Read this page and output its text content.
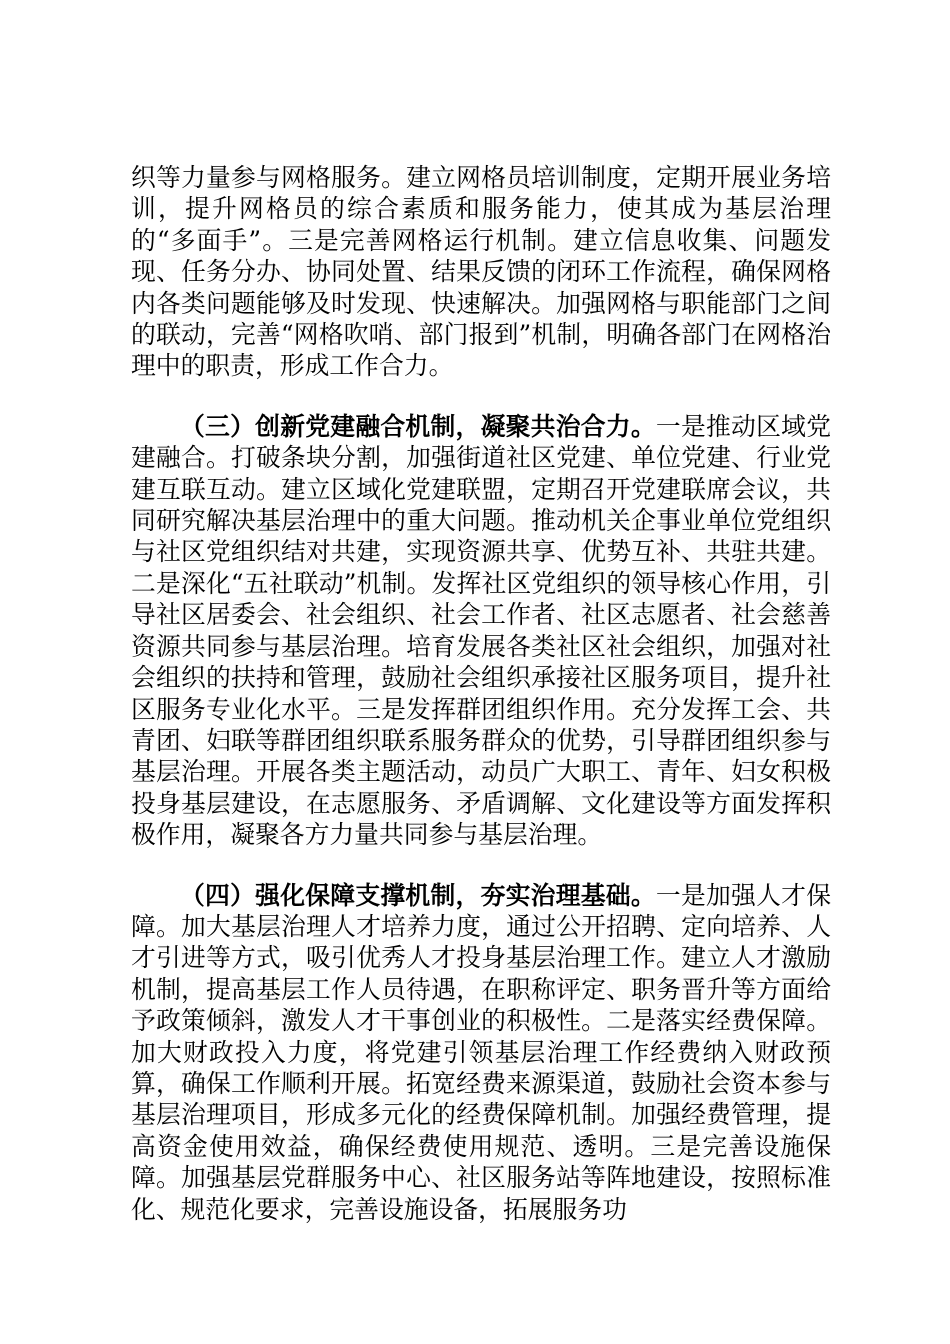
织等力量参与网格服务。建立网格员培训制度，定期开展业务培训，提升网格员的综合素质和服务能力，使其成为基层治理的“多面手”。三是完善网格运行机制。建立信息收集、问题发现、任务分办、协同处置、结果反馈的闭环工作流程，确保网格内各类问题能够及时发现、快速解决。加强网格与职能部门之间的联动，完善“网格吹哨、部门报到”机制，明确各部门在网格治理中的职责，形成工作合力。

（三）创新党建融合机制，凝聚共治合力。一是推动区域党建融合。打破条块分割，加强街道社区党建、单位党建、行业党建互联互动。建立区域化党建联盟，定期召开党建联席会议，共同研究解决基层治理中的重大问题。推动机关企事业单位党组织与社区党组织结对共建，实现资源共享、优势互补、共驻共建。二是深化“五社联动”机制。发挥社区党组织的领导核心作用，引导社区居委会、社会组织、社会工作者、社区志愿者、社会慈善资源共同参与基层治理。培育发展各类社区社会组织，加强对社会组织的扶持和管理，鼓励社会组织承接社区服务项目，提升社区服务专业化水平。三是发挥群团组织作用。充分发挥工会、共青团、妇联等群团组织联系服务群众的优势，引导群团组织参与基层治理。开展各类主题活动，动员广大职工、青年、妇女积极投身基层建设，在志愿服务、矛盾调解、文化建设等方面发挥积极作用，凝聚各方力量共同参与基层治理。

（四）强化保障支撑机制，夯实治理基础。一是加强人才保障。加大基层治理人才培养力度，通过公开招聘、定向培养、人才引进等方式，吸引优秀人才投身基层治理工作。建立人才激励机制，提高基层工作人员待遇，在职称评定、职务晋升等方面给予政策倾斜，激发人才干事创业的积极性。二是落实经费保障。加大财政投入力度，将党建引领基层治理工作经费纳入财政预算，确保工作顺利开展。拓宽经费来源渠道，鼓励社会资本参与基层治理项目，形成多元化的经费保障机制。加强经费管理，提高资金使用效益，确保经费使用规范、透明。三是完善设施保障。加强基层党群服务中心、社区服务站等阵地建设，按照标准化、规范化要求，完善设施设备，拓展服务功
